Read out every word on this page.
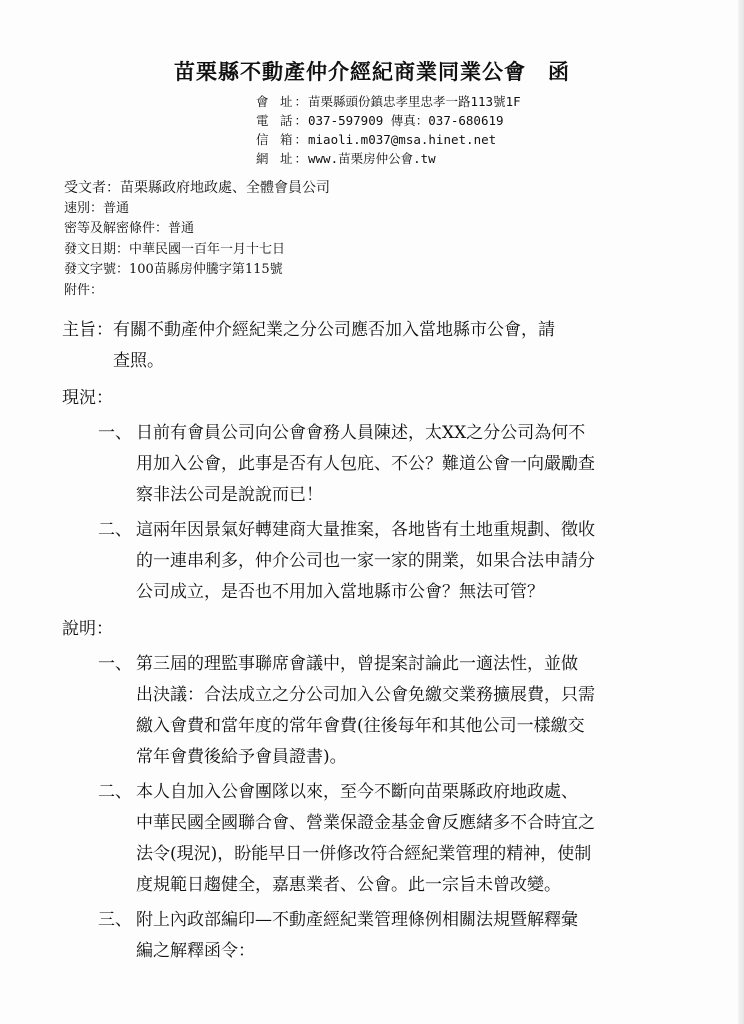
苗栗縣不動產仲介經紀商業同業公會 函
會 址：苗栗縣頭份鎮忠孝里忠孝一路113號1F
電 話：037-597909 傳真：037-680619
信 箱：miaoli.m037@msa.hinet.net
網 址：www.苗栗房仲公會.tw
受文者：苗栗縣政府地政處、全體會員公司
速別：普通
密等及解密條件：普通
發文日期：中華民國一百年一月十七日
發文字號：100苗縣房仲騰字第115號
附件：
主旨： 有關不動產仲介經紀業之分公司應否加入當地縣市公會，請
查照。
現況：
一、 日前有會員公司向公會會務人員陳述，太XX之分公司為何不
用加入公會，此事是否有人包庇、不公？難道公會一向嚴勵查
察非法公司是說說而已！
二、 這兩年因景氣好轉建商大量推案，各地皆有土地重規劃、徵收
的一連串利多，仲介公司也一家一家的開業，如果合法申請分
公司成立，是否也不用加入當地縣市公會？無法可管？
說明：
一、 第三屆的理監事聯席會議中，曾提案討論此一適法性，並做
出決議：合法成立之分公司加入公會免繳交業務擴展費，只需
繳入會費和當年度的常年會費(往後每年和其他公司一樣繳交
常年會費後給予會員證書)。
二、 本人自加入公會團隊以來，至今不斷向苗栗縣政府地政處、
中華民國全國聯合會、營業保證金基金會反應緒多不合時宜之
法令(現況)，盼能早日一併修改符合經紀業管理的精神，使制
度規範日趨健全，嘉惠業者、公會。此一宗旨未曾改變。
三、 附上內政部編印—不動產經紀業管理條例相關法規暨解釋彙
編之解釋函令：
